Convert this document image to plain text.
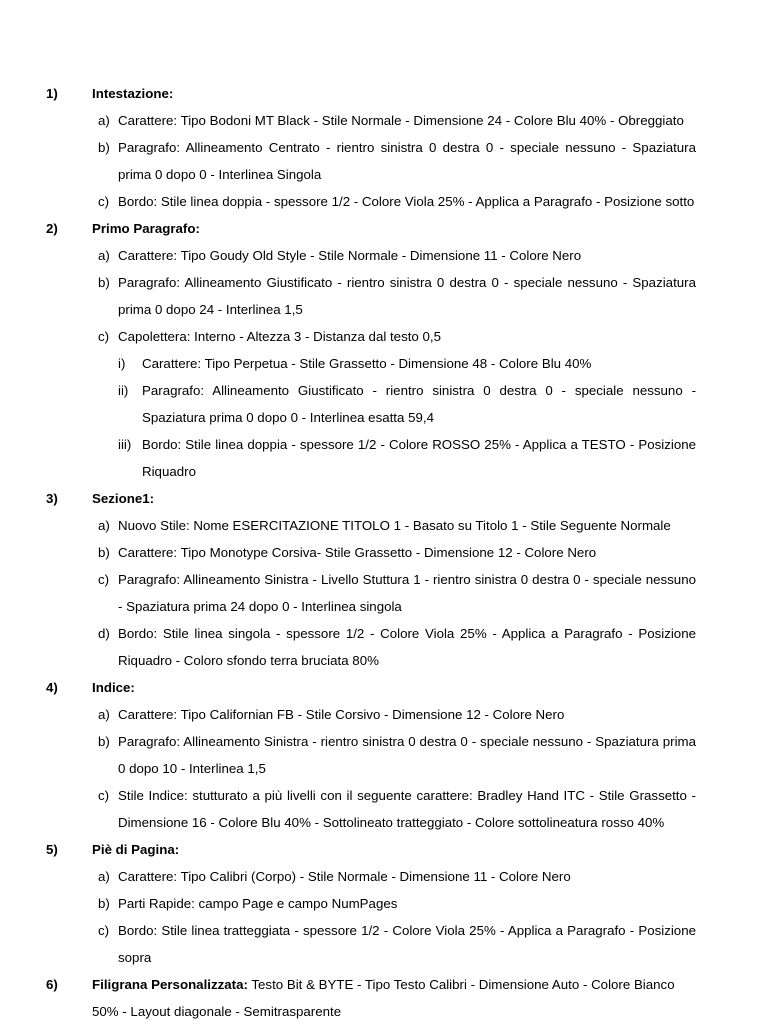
1)	Intestazione:
a) Carattere: Tipo Bodoni MT Black - Stile Normale - Dimensione 24 - Colore Blu 40% - Obreggiato
b) Paragrafo: Allineamento Centrato - rientro sinistra 0 destra 0 - speciale nessuno - Spaziatura prima 0 dopo 0 - Interlinea Singola
c) Bordo: Stile linea doppia - spessore 1/2 - Colore Viola 25% - Applica a Paragrafo - Posizione sotto
2)	Primo Paragrafo:
a) Carattere: Tipo Goudy Old Style - Stile Normale - Dimensione 11 - Colore Nero
b) Paragrafo: Allineamento Giustificato - rientro sinistra 0 destra 0 - speciale nessuno - Spaziatura prima 0 dopo 24 - Interlinea 1,5
c) Capolettera: Interno - Altezza 3 - Distanza dal testo 0,5
i) Carattere: Tipo Perpetua - Stile Grassetto - Dimensione 48 - Colore Blu 40%
ii) Paragrafo: Allineamento Giustificato - rientro sinistra 0 destra 0 - speciale nessuno - Spaziatura prima 0 dopo 0 - Interlinea esatta 59,4
iii) Bordo: Stile linea doppia - spessore 1/2 - Colore ROSSO 25% - Applica a TESTO - Posizione Riquadro
3)	Sezione1:
a) Nuovo Stile: Nome ESERCITAZIONE TITOLO 1 - Basato su Titolo 1 - Stile Seguente Normale
b) Carattere: Tipo Monotype Corsiva- Stile Grassetto - Dimensione 12 - Colore Nero
c) Paragrafo: Allineamento Sinistra - Livello Stuttura 1 - rientro sinistra 0 destra 0 - speciale nessuno - Spaziatura prima 24 dopo 0 - Interlinea singola
d) Bordo: Stile linea singola - spessore 1/2 - Colore Viola 25% - Applica a Paragrafo - Posizione Riquadro - Coloro sfondo terra bruciata 80%
4)	Indice:
a) Carattere: Tipo Californian FB - Stile Corsivo - Dimensione 12 - Colore Nero
b) Paragrafo: Allineamento Sinistra - rientro sinistra 0 destra 0 - speciale nessuno - Spaziatura prima 0 dopo 10 - Interlinea 1,5
c) Stile Indice: stutturato a più livelli con il seguente carattere: Bradley Hand ITC - Stile Grassetto - Dimensione 16 - Colore Blu 40% - Sottolineato tratteggiato - Colore sottolineatura rosso 40%
5)	Piè di Pagina:
a) Carattere: Tipo Calibri (Corpo) - Stile Normale - Dimensione 11 - Colore Nero
b) Parti Rapide: campo Page e campo NumPages
c) Bordo: Stile linea tratteggiata - spessore 1/2 - Colore Viola 25% - Applica a Paragrafo - Posizione sopra
6)	Filigrana Personalizzata: Testo Bit & BYTE - Tipo Testo Calibri - Dimensione Auto - Colore Bianco 50% - Layout diagonale - Semitrasparente
